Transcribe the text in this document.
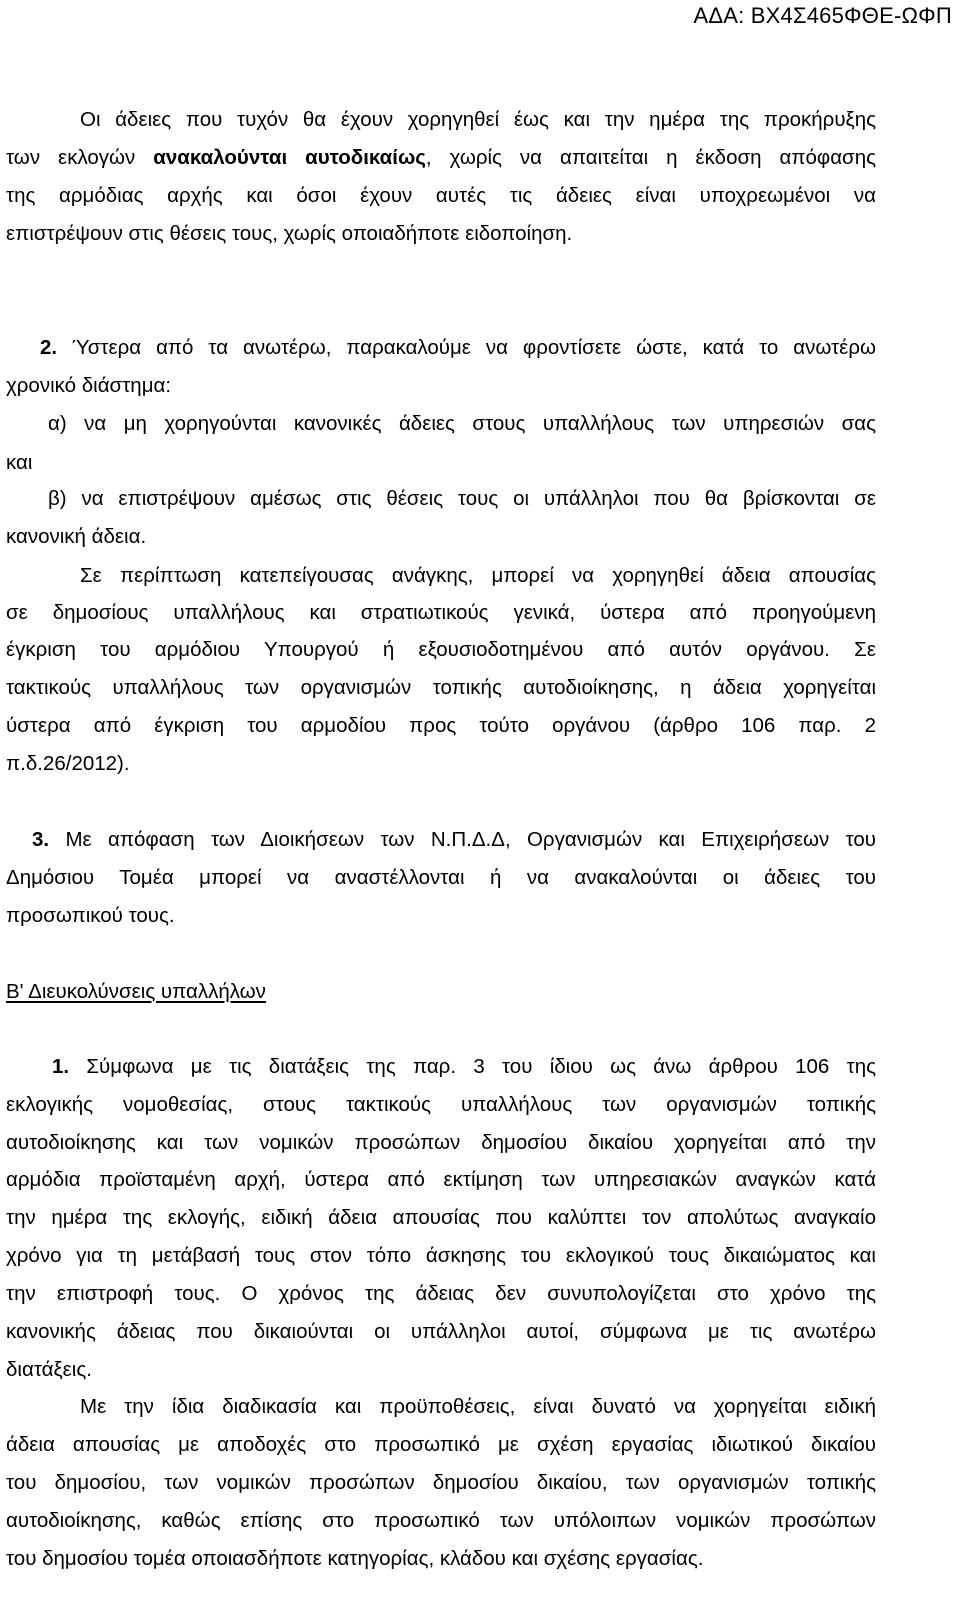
ΑΔΑ: ΒΧ4Σ465ΦΘΕ-ΩΦΠ
Οι άδειες που τυχόν θα έχουν χορηγηθεί έως και την ημέρα της προκήρυξης
των εκλογών ανακαλούνται αυτοδικαίως, χωρίς να απαιτείται η έκδοση απόφασης
της αρμόδιας αρχής και όσοι έχουν αυτές τις άδειες είναι υποχρεωμένοι να
επιστρέψουν στις θέσεις τους, χωρίς οποιαδήποτε ειδοποίηση.
2. Ύστερα από τα ανωτέρω, παρακαλούμε να φροντίσετε ώστε, κατά το ανωτέρω
χρονικό διάστημα:
α) να μη χορηγούνται κανονικές άδειες στους υπαλλήλους των υπηρεσιών σας
και
β) να επιστρέψουν αμέσως στις θέσεις τους οι υπάλληλοι που θα βρίσκονται σε
κανονική άδεια.
Σε περίπτωση κατεπείγουσας ανάγκης, μπορεί να χορηγηθεί άδεια απουσίας
σε δημοσίους υπαλλήλους και στρατιωτικούς γενικά, ύστερα από προηγούμενη
έγκριση του αρμόδιου Υπουργού ή εξουσιοδοτημένου από αυτόν οργάνου. Σε
τακτικούς υπαλλήλους των οργανισμών τοπικής αυτοδιοίκησης, η άδεια χορηγείται
ύστερα από έγκριση του αρμοδίου προς τούτο οργάνου (άρθρο 106 παρ. 2
π.δ.26/2012).
3. Με απόφαση των Διοικήσεων των Ν.Π.Δ.Δ, Οργανισμών και Επιχειρήσεων του
Δημόσιου Τομέα μπορεί να αναστέλλονται ή να ανακαλούνται οι άδειες του
προσωπικού τους.
Β' Διευκολύνσεις υπαλλήλων
1. Σύμφωνα με τις διατάξεις της παρ. 3 του ίδιου ως άνω άρθρου 106 της
εκλογικής νομοθεσίας, στους τακτικούς υπαλλήλους των οργανισμών τοπικής
αυτοδιοίκησης και των νομικών προσώπων δημοσίου δικαίου χορηγείται από την
αρμόδια προϊσταμένη αρχή, ύστερα από εκτίμηση των υπηρεσιακών αναγκών κατά
την ημέρα της εκλογής, ειδική άδεια απουσίας που καλύπτει τον απολύτως αναγκαίο
χρόνο για τη μετάβασή τους στον τόπο άσκησης του εκλογικού τους δικαιώματος και
την επιστροφή τους. Ο χρόνος της άδειας δεν συνυπολογίζεται στο χρόνο της
κανονικής άδειας που δικαιούνται οι υπάλληλοι αυτοί, σύμφωνα με τις ανωτέρω
διατάξεις.
Με την ίδια διαδικασία και προϋποθέσεις, είναι δυνατό να χορηγείται ειδική
άδεια απουσίας με αποδοχές στο προσωπικό με σχέση εργασίας ιδιωτικού δικαίου
του δημοσίου, των νομικών προσώπων δημοσίου δικαίου, των οργανισμών τοπικής
αυτοδιοίκησης, καθώς επίσης στο προσωπικό των υπόλοιπων νομικών προσώπων
του δημοσίου τομέα οποιασδήποτε κατηγορίας, κλάδου και σχέσης εργασίας.
